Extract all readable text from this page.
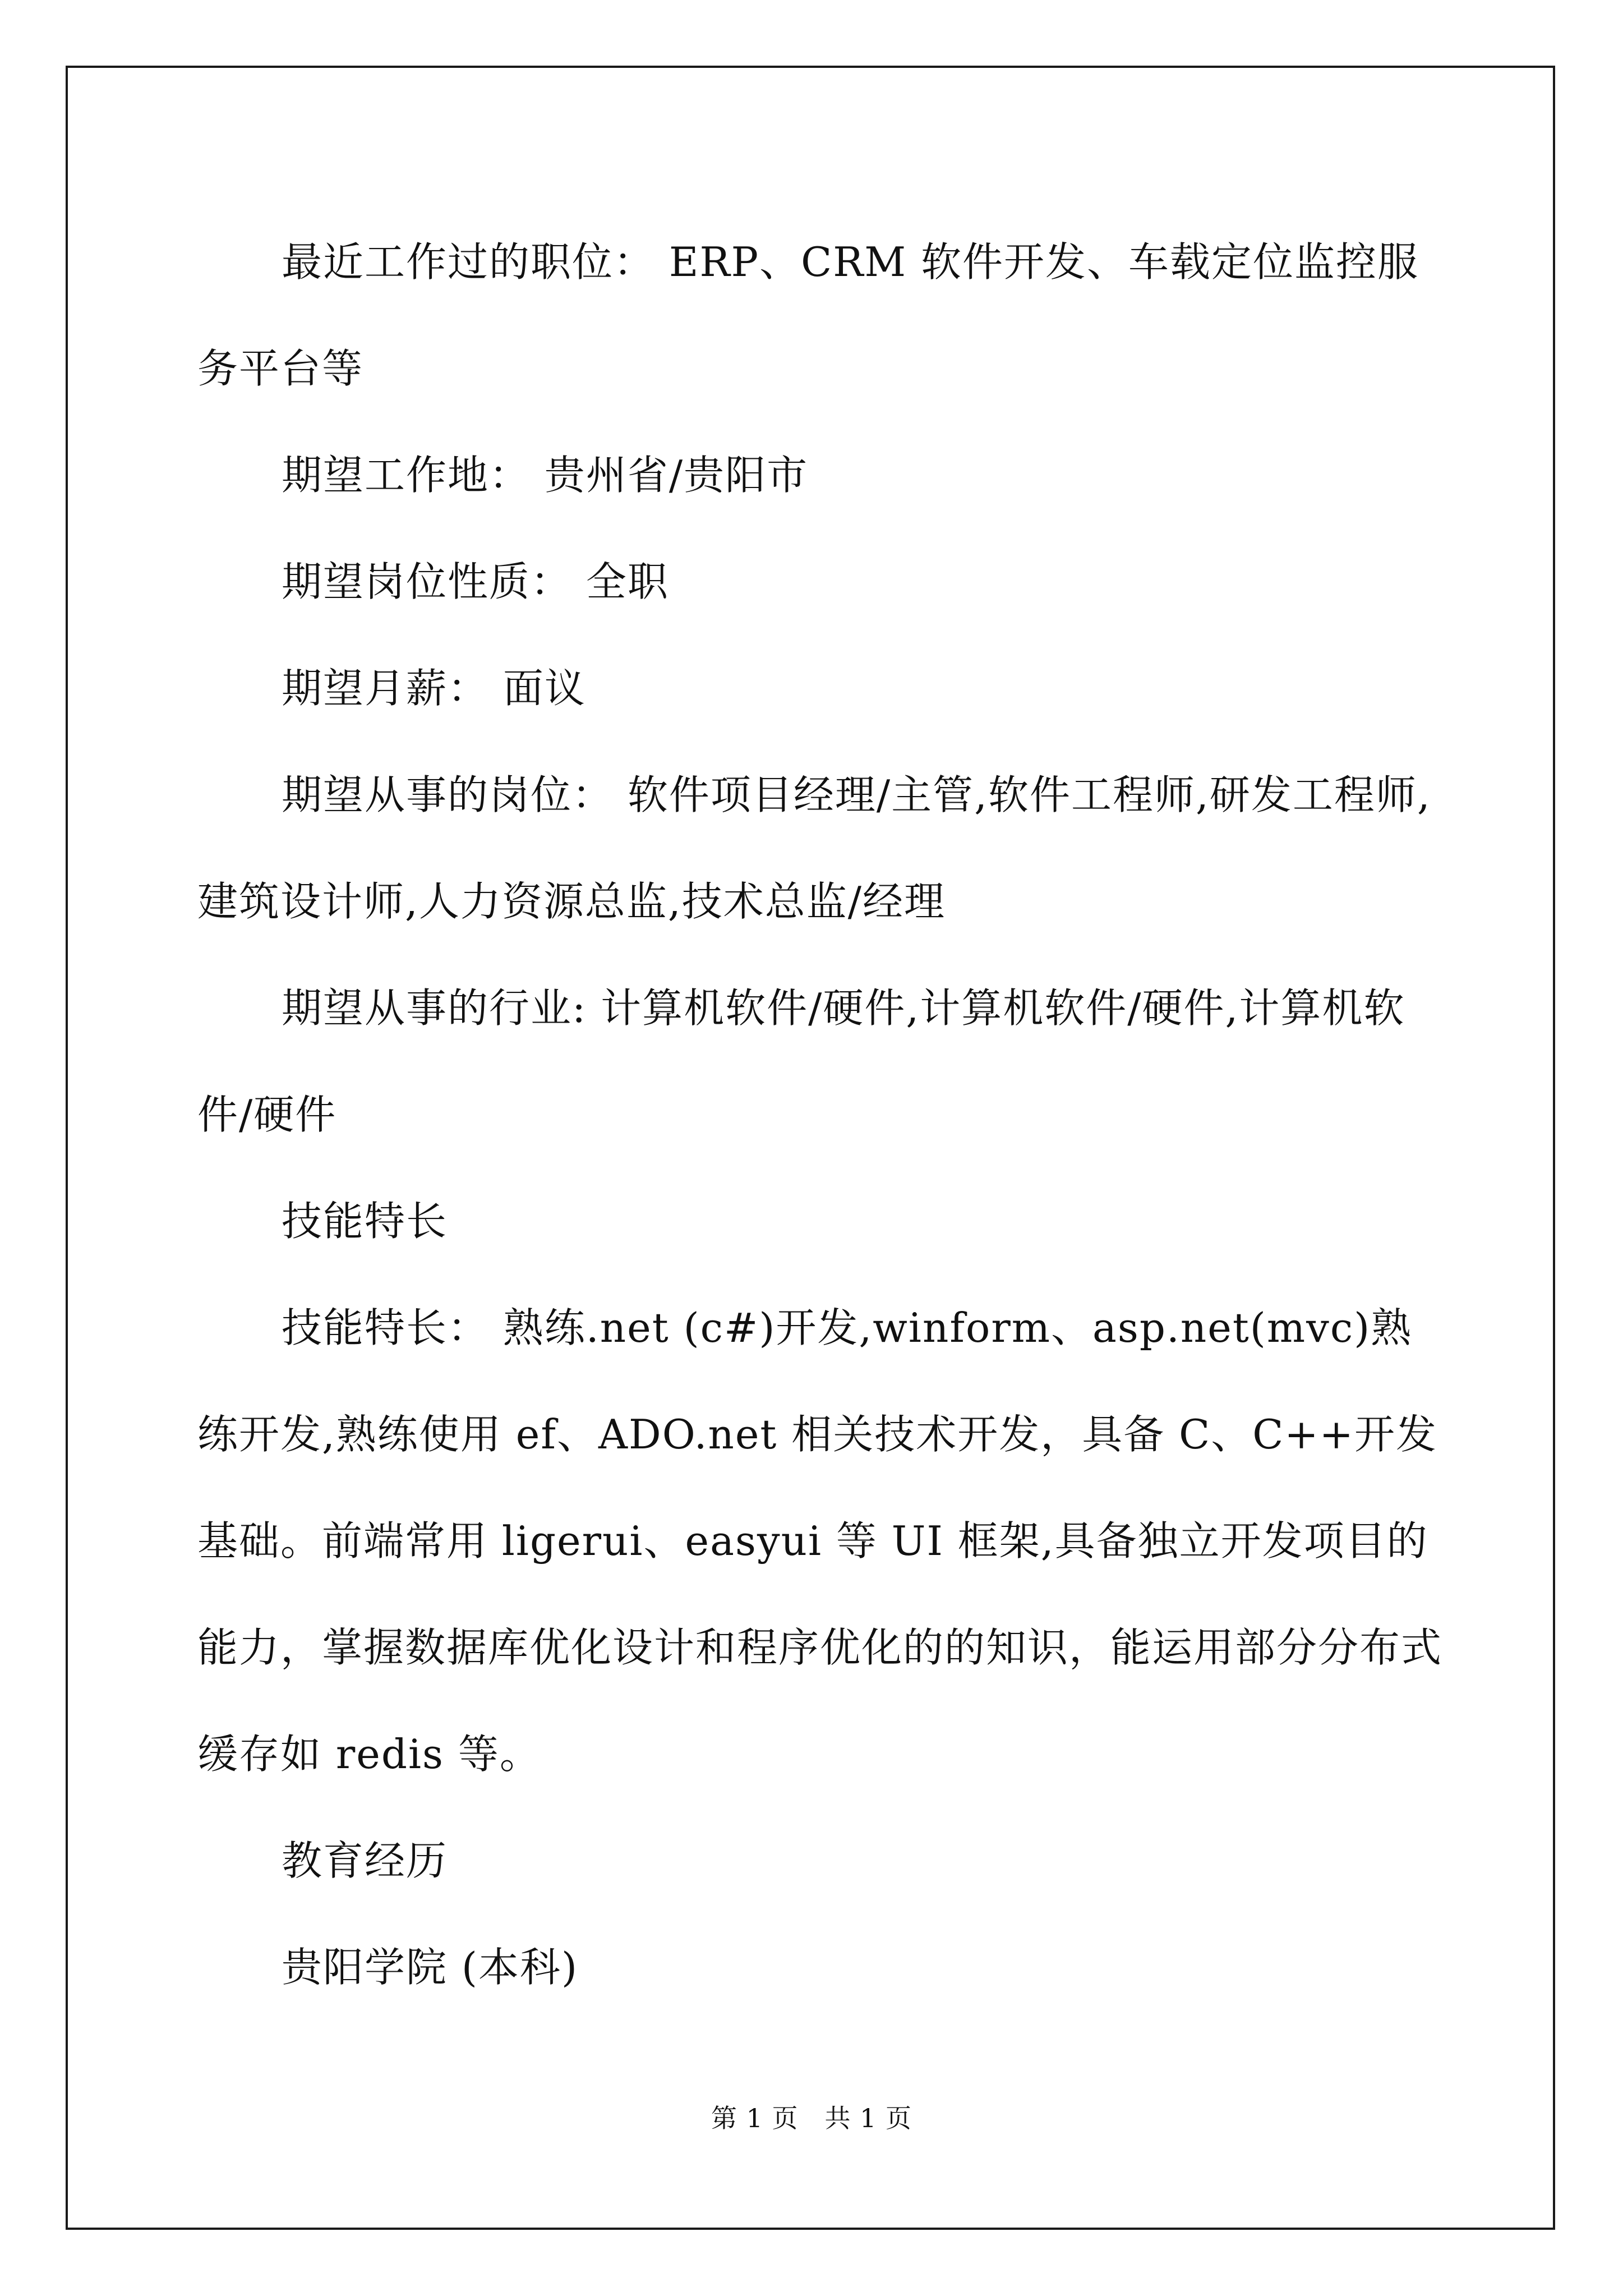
最近工作过的职位： ERP、CRM 软件开发、车载定位监控服务平台等

期望工作地： 贵州省/贵阳市

期望岗位性质： 全职

期望月薪： 面议

期望从事的岗位： 软件项目经理/主管,软件工程师,研发工程师,建筑设计师,人力资源总监,技术总监/经理

期望从事的行业: 计算机软件/硬件,计算机软件/硬件,计算机软件/硬件

技能特长

技能特长： 熟练.net (c#)开发,winform、asp.net(mvc)熟练开发,熟练使用 ef、ADO.net 相关技术开发，具备 C、C++开发基础。前端常用 ligerui、easyui 等 UI 框架,具备独立开发项目的能力，掌握数据库优化设计和程序优化的的知识，能运用部分分布式缓存如 redis 等。

教育经历

贵阳学院 (本科)

第 1 页　共 1 页
